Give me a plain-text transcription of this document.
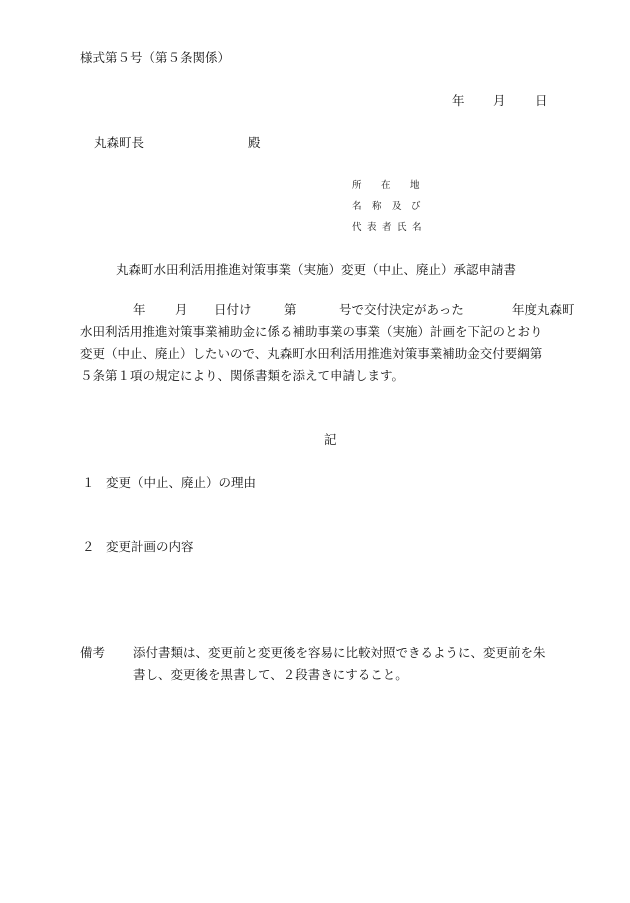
様式第５号（第５条関係）
年 月 日
丸森町長	殿
所 在 地
名 称 及 び
代 表 者 氏 名
丸森町水田利活用推進対策事業（実施）変更（中止、廃止）承認申請書
年 月 日付け	第	号で交付決定があった	年度丸森町
水田利活用推進対策事業補助金に係る補助事業の事業（実施）計画を下記のとおり
変更（中止、廃止）したいので、丸森町水田利活用推進対策事業補助金交付要綱第
５条第１項の規定により、関係書類を添えて申請します。
記
１ 変更（中止、廃止）の理由
２ 変更計画の内容
備考 添付書類は、変更前と変更後を容易に比較対照できるように、変更前を朱
書し、変更後を黒書して、２段書きにすること。
